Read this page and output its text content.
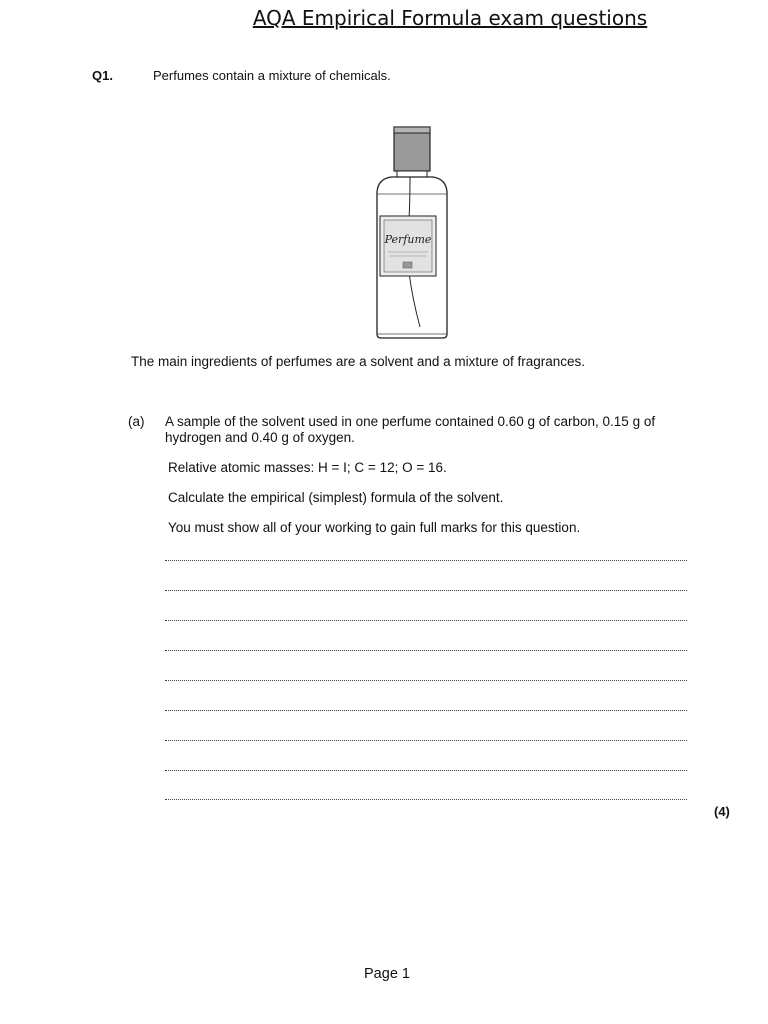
AQA Empirical Formula exam questions
Q1.	Perfumes contain a mixture of chemicals.
Perfume
The main ingredients of perfumes are a solvent and a mixture of fragrances.
(a) A sample of the solvent used in one perfume contained 0.60 g of carbon, 0.15 g of hydrogen and 0.40 g of oxygen.
Relative atomic masses: H = I; C = 12; O = 16.
Calculate the empirical (simplest) formula of the solvent.
You must show all of your working to gain full marks for this question.
(4)
Page 1
